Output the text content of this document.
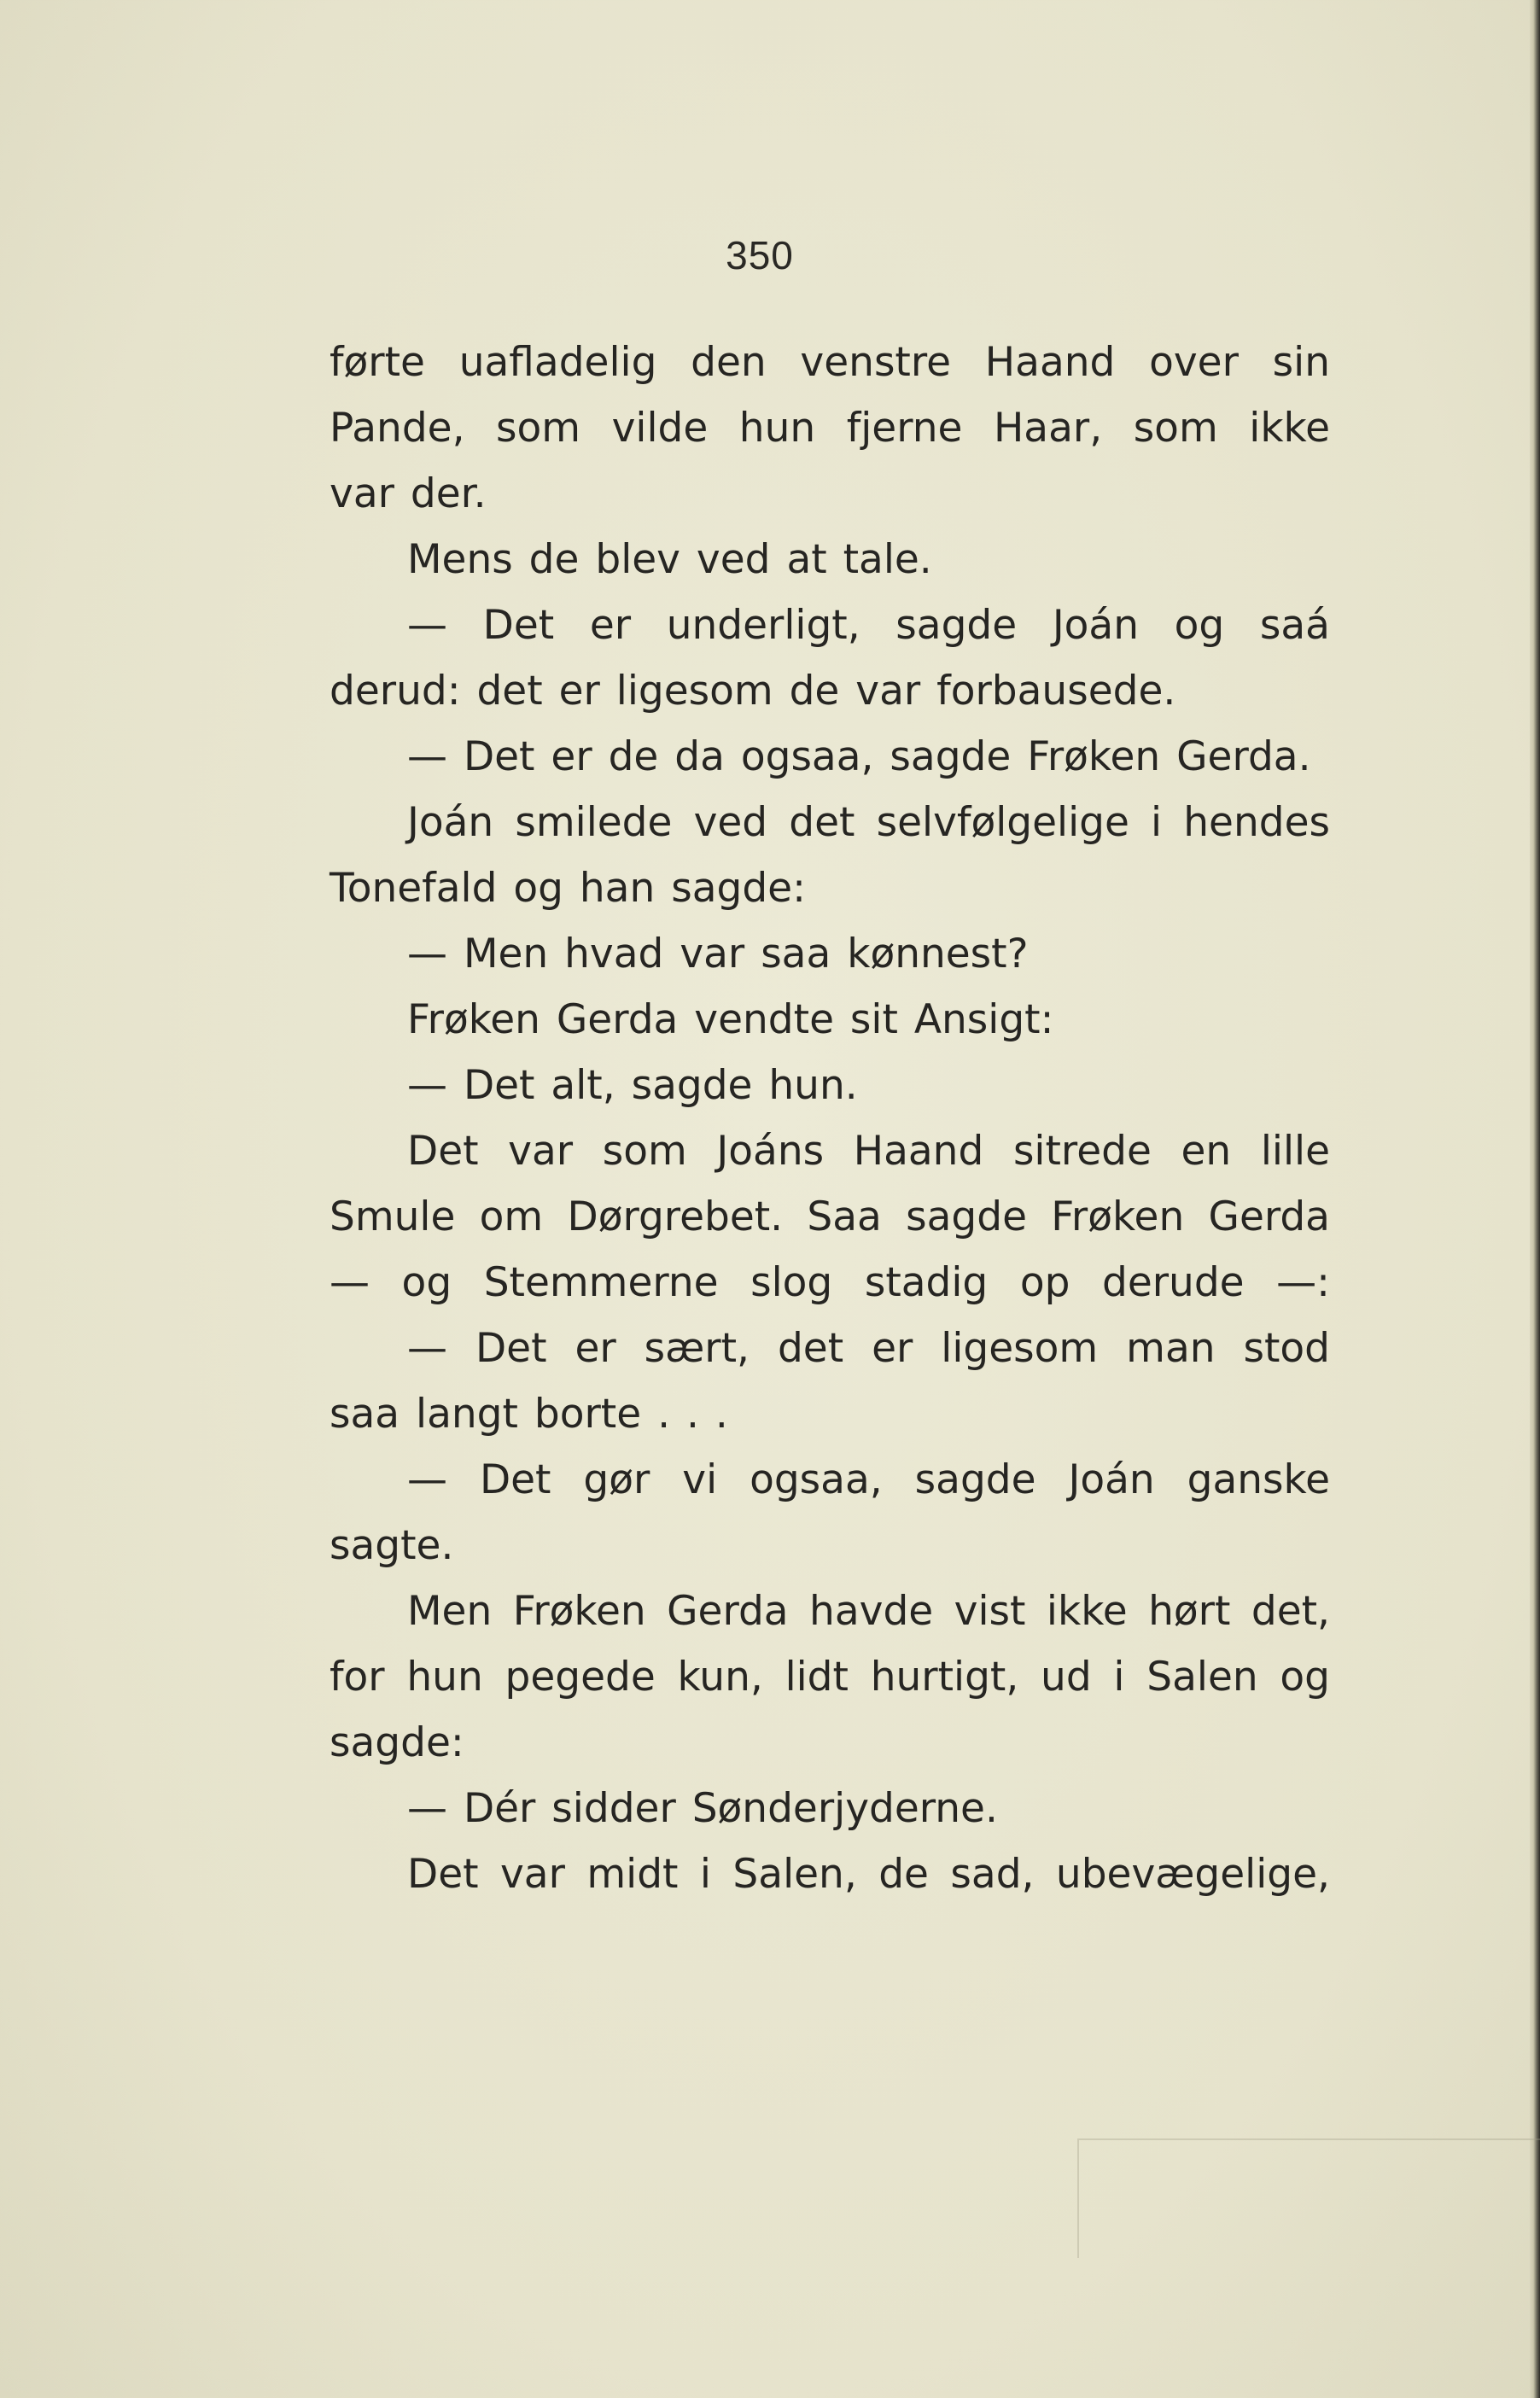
350
førte uafladelig den venstre Haand over sin
Pande, som vilde hun fjerne Haar, som ikke
var der.
Mens de blev ved at tale.
— Det er underligt, sagde Joán og saá
derud: det er ligesom de var forbausede.
— Det er de da ogsaa, sagde Frøken Gerda.
Joán smilede ved det selvfølgelige i hendes
Tonefald og han sagde:
— Men hvad var saa kønnest?
Frøken Gerda vendte sit Ansigt:
— Det alt, sagde hun.
Det var som Joáns Haand sitrede en lille
Smule om Dørgrebet. Saa sagde Frøken Gerda
— og Stemmerne slog stadig op derude —:
— Det er sært, det er ligesom man stod
saa langt borte . . .
— Det gør vi ogsaa, sagde Joán ganske
sagte.
Men Frøken Gerda havde vist ikke hørt det,
for hun pegede kun, lidt hurtigt, ud i Salen og
sagde:
— Dér sidder Sønderjyderne.
Det var midt i Salen, de sad, ubevægelige,
